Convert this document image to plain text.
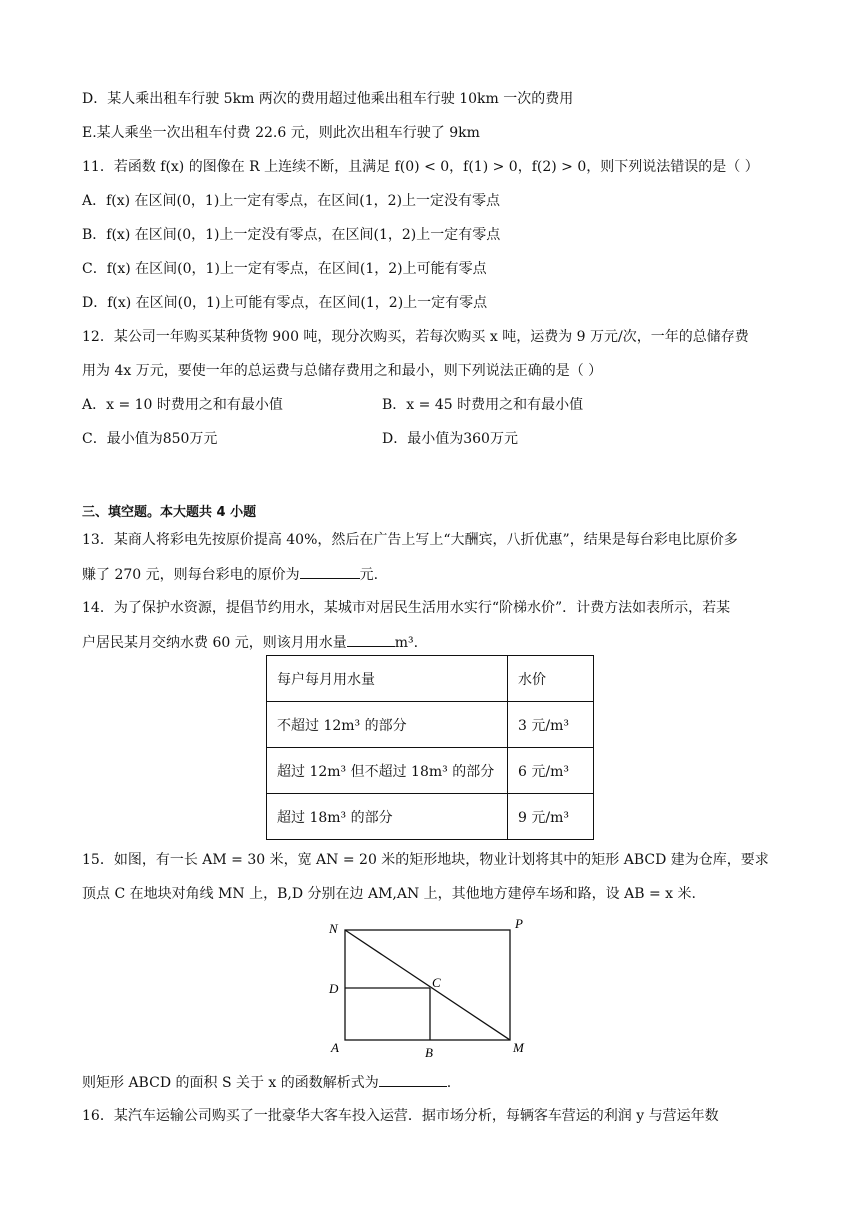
D．某人乘出租车行驶 5km 两次的费用超过他乘出租车行驶 10km 一次的费用
E.某人乘坐一次出租车付费 22.6 元，则此次出租车行驶了 9km
11．若函数 f(x) 的图像在 R 上连续不断，且满足 f(0) < 0，f(1) > 0，f(2) > 0，则下列说法错误的是（ ）
A．f(x) 在区间(0，1)上一定有零点，在区间(1，2)上一定没有零点
B．f(x) 在区间(0，1)上一定没有零点，在区间(1，2)上一定有零点
C．f(x) 在区间(0，1)上一定有零点，在区间(1，2)上可能有零点
D．f(x) 在区间(0，1)上可能有零点，在区间(1，2)上一定有零点
12．某公司一年购买某种货物 900 吨，现分次购买，若每次购买 x 吨，运费为 9 万元/次，一年的总储存费
用为 4x 万元，要使一年的总运费与总储存费用之和最小，则下列说法正确的是（ ）
A．x = 10 时费用之和有最小值	B．x = 45 时费用之和有最小值
C．最小值为850万元	D．最小值为360万元
三、填空题。本大题共 4 小题
13．某商人将彩电先按原价提高 40%，然后在广告上写上“大酬宾，八折优惠”，结果是每台彩电比原价多
赚了 270 元，则每台彩电的原价为	元.
14．为了保护水资源，提倡节约用水，某城市对居民生活用水实行“阶梯水价”．计费方法如表所示，若某
户居民某月交纳水费 60 元，则该月用水量	m³.
每户每月用水量	水价
不超过 12m³ 的部分	3 元/m³
超过 12m³ 但不超过 18m³ 的部分	6 元/m³
超过 18m³ 的部分	9 元/m³
15．如图，有一长 AM = 30 米，宽 AN = 20 米的矩形地块，物业计划将其中的矩形 ABCD 建为仓库，要求
顶点 C 在地块对角线 MN 上，B,D 分别在边 AM,AN 上，其他地方建停车场和路，设 AB = x 米.
N	P
D	C
A	B	M
则矩形 ABCD 的面积 S 关于 x 的函数解析式为	.
16．某汽车运输公司购买了一批豪华大客车投入运营．据市场分析，每辆客车营运的利润 y 与营运年数
